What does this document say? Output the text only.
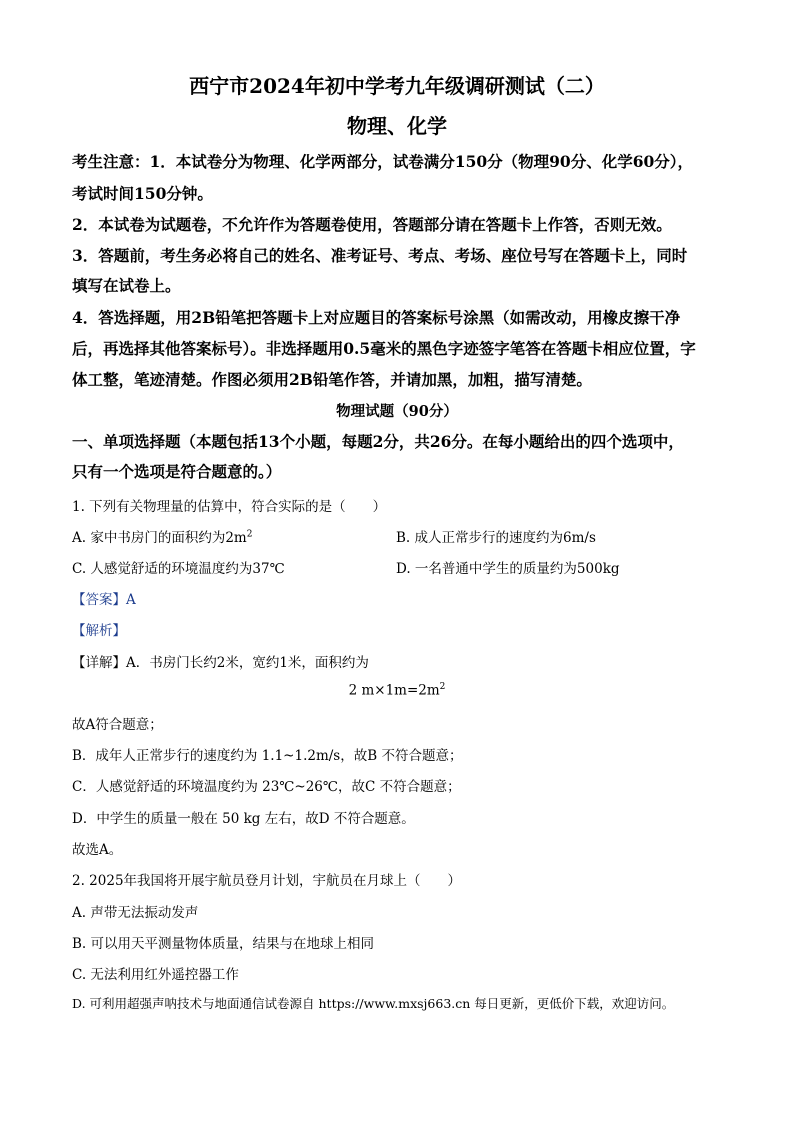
西宁市2024年初中学考九年级调研测试（二）
物理、化学
考生注意：1．本试卷分为物理、化学两部分，试卷满分150分（物理90分、化学60分），
考试时间150分钟。
2．本试卷为试题卷，不允许作为答题卷使用，答题部分请在答题卡上作答，否则无效。
3．答题前，考生务必将自己的姓名、准考证号、考点、考场、座位号写在答题卡上，同时
填写在试卷上。
4．答选择题，用2B铅笔把答题卡上对应题目的答案标号涂黑（如需改动，用橡皮擦干净
后，再选择其他答案标号）。非选择题用0.5毫米的黑色字迹签字笔答在答题卡相应位置，字
体工整，笔迹清楚。作图必须用2B铅笔作答，并请加黑，加粗，描写清楚。
物理试题（90分）
一、单项选择题（本题包括13个小题，每题2分，共26分。在每小题给出的四个选项中，
只有一个选项是符合题意的。）
1. 下列有关物理量的估算中，符合实际的是（　　）
A. 家中书房门的面积约为$2m^2$	B. 成人正常步行的速度约为6m/s
C. 人感觉舒适的环境温度约为37℃	D. 一名普通中学生的质量约为500kg
【答案】A
【解析】
【详解】A．书房门长约2米，宽约1米，面积约为
2 $m\times 1m=2m^2$
故A符合题意；
B．成年人正常步行的速度约为 1.1~1.2m/s，故B 不符合题意；
C．人感觉舒适的环境温度约为 23℃~26℃，故C 不符合题意；
D．中学生的质量一般在 50 kg 左右，故D 不符合题意。
故选A。
2. 2025年我国将开展宇航员登月计划，宇航员在月球上（　　）
A. 声带无法振动发声
B. 可以用天平测量物体质量，结果与在地球上相同
C. 无法利用红外遥控器工作
D. 可利用超强声呐技术与地面通信试卷源自 https://www.mxsj663.cn 每日更新，更低价下载，欢迎访问。
